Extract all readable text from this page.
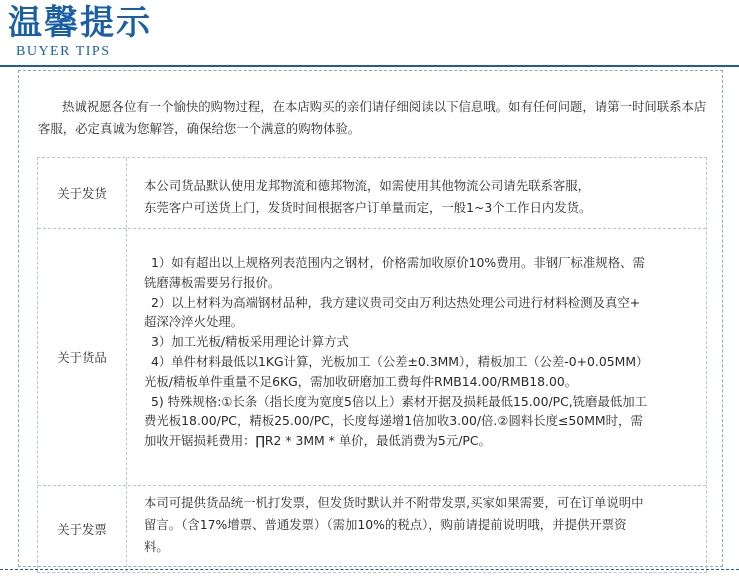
温馨提示
BUYER TIPS

热诚祝愿各位有一个愉快的购物过程，在本店购买的亲们请仔细阅读以下信息哦。如有任何问题，请第一时间联系本店客服，必定真诚为您解答，确保给您一个满意的购物体验。

关于发货

本公司货品默认使用龙邦物流和德邦物流，如需使用其他物流公司请先联系客服，

东莞客户可送货上门，发货时间根据客户订单量而定，一般1~3个工作日内发货。

关于货品

1）如有超出以上规格列表范围内之钢材，价格需加收原价10%费用。非钢厂标准规格、需

铣磨薄板需要另行报价。

2）以上材料为高端钢材品种，我方建议贵司交由万利达热处理公司进行材料检测及真空+

超深冷淬火处理。

3）加工光板/精板采用理论计算方式

4）单件材料最低以1KG计算，光板加工（公差±0.3MM），精板加工（公差-0+0.05MM）

光板/精板单件重量不足6KG，需加收研磨加工费每件RMB14.00/RMB18.00。

5) 特殊规格:①长条（指长度为宽度5倍以上）素材开据及损耗最低15.00/PC,铣磨最低加工

费光板18.00/PC，精板25.00/PC，长度每递增1倍加收3.00/倍.②圆料长度≤50MM时，需

加收开锯损耗费用：∏R2 * 3MM * 单价，最低消费为5元/PC。

关于发票

本司可提供货品统一机打发票，但发货时默认并不附带发票,买家如果需要，可在订单说明中

留言。（含17%增票、普通发票）（需加10%的税点），购前请提前说明哦，并提供开票资

料。
